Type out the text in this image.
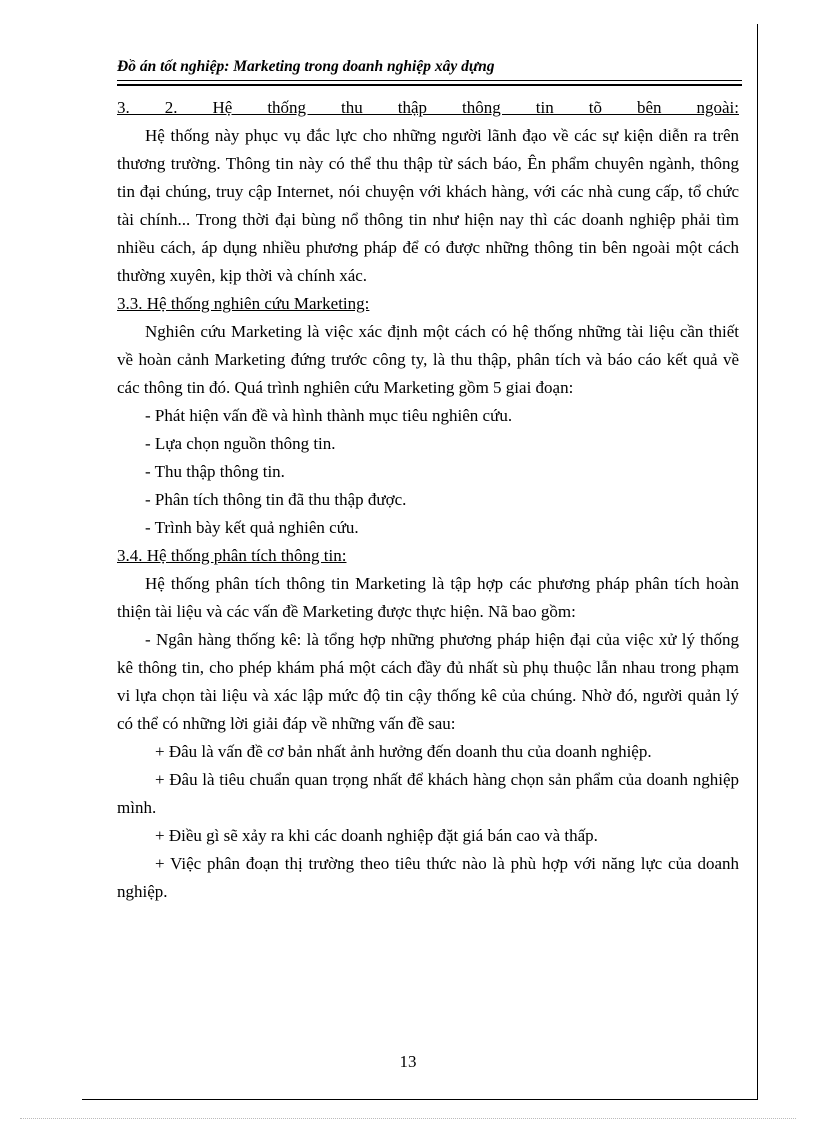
Đồ án tốt nghiệp: Marketing trong doanh nghiệp xây dựng

3. 2. Hệ thống thu thập thông tin tõ bên ngoài:

Hệ thống này phục vụ đắc lực cho những người lãnh đạo về các sự kiện diễn ra trên thương trường. Thông tin này có thể thu thập từ sách báo, Ên phẩm chuyên ngành, thông tin đại chúng, truy cập Internet, nói chuyện với khách hàng, với các nhà cung cấp, tổ chức tài chính... Trong thời đại bùng nổ thông tin như hiện nay thì các doanh nghiệp phải tìm nhiều cách, áp dụng nhiều phương pháp để có được những thông tin bên ngoài một cách thường xuyên, kịp thời và chính xác.

3.3. Hệ thống nghiên cứu Marketing:

Nghiên cứu Marketing là việc xác định một cách có hệ thống những tài liệu cần thiết về hoàn cảnh Marketing đứng trước công ty, là thu thập, phân tích và báo cáo kết quả về các thông tin đó. Quá trình nghiên cứu Marketing gồm 5 giai đoạn:

- Phát hiện vấn đề và hình thành mục tiêu nghiên cứu.

- Lựa chọn nguồn thông tin.

- Thu thập thông tin.

- Phân tích thông tin đã thu thập được.

- Trình bày kết quả nghiên cứu.

3.4. Hệ thống phân tích thông tin:

Hệ thống phân tích thông tin Marketing là tập hợp các phương pháp phân tích hoàn thiện tài liệu và các vấn đề Marketing được thực hiện. Nã bao gồm:

- Ngân hàng thống kê: là tổng hợp những phương pháp hiện đại của việc xử lý thống kê thông tin, cho phép khám phá một cách đầy đủ nhất sù phụ thuộc lẫn nhau trong phạm vi lựa chọn tài liệu và xác lập mức độ tin cậy thống kê của chúng. Nhờ đó, người quản lý có thể có những lời giải đáp về những vấn đề sau:

+ Đâu là vấn đề cơ bản nhất ảnh hưởng đến doanh thu của doanh nghiệp.

+ Đâu là tiêu chuẩn quan trọng nhất để khách hàng chọn sản phẩm của doanh nghiệp mình.

+ Điều gì sẽ xảy ra khi các doanh nghiệp đặt giá bán cao và thấp.

+ Việc phân đoạn thị trường theo tiêu thức nào là phù hợp với năng lực của doanh nghiệp.

13
